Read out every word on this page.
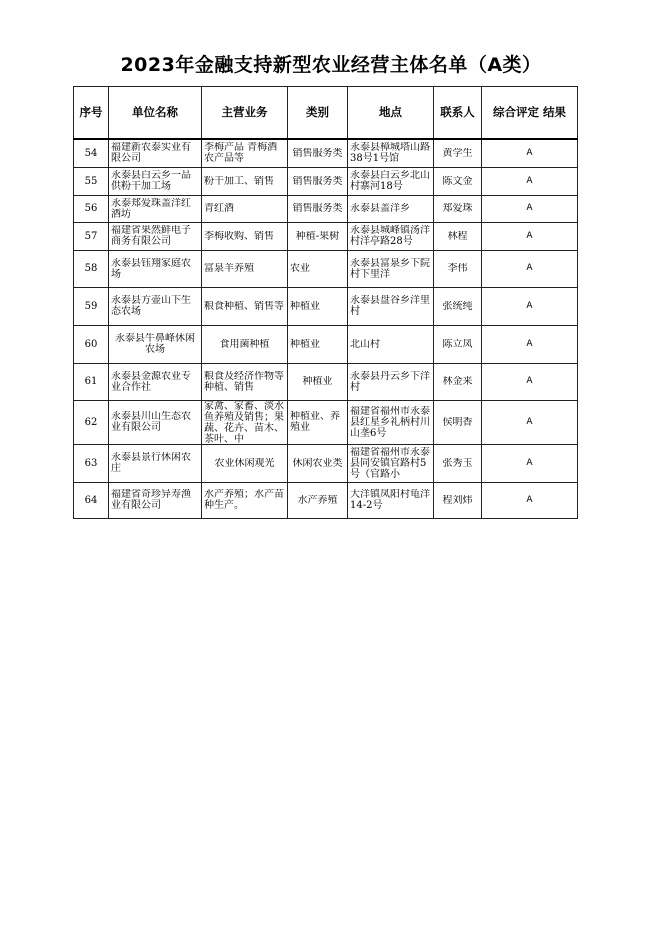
2023年金融支持新型农业经营主体名单（A类）
序号	单位名称	主营业务	类别	地点	联系人	综合评定 结果

54	福建新农泰实业有限公司	李梅产品 青梅酒 农产品等	销售服务类	永泰县樟城塔山路38号1号馆	黄学生	A

55	永泰县白云乡一品供粉干加工场	粉干加工、销售	销售服务类	永泰县白云乡北山村寨河18号	陈文金	A

56	永泰郑爱珠盖洋红酒坊	青红酒	销售服务类	永泰县盖洋乡	郑爱珠	A

57	福建省果然鲜电子商务有限公司	李梅收购、销售	种植-果树	永泰县城峰镇汤洋村洋亭路28号	林程	A

58	永泰县钰翔家庭农场	富泉羊养殖	农业	永泰县富泉乡下院村下里洋	李伟	A

59	永泰县方壶山下生态农场	粮食种植、销售等	种植业	永泰县盘谷乡洋里村	张统纯	A

60	永泰县牛鼻峰休闲农场	食用菌种植	种植业	北山村	陈立凤	A

61	永泰县金源农业专业合作社	粮食及经济作物等种植、销售	种植业	永泰县丹云乡下洋村	林金来	A

62	永泰县川山生态农业有限公司	家禽、家畜、淡水鱼养殖及销售；果蔬、花卉、苗木、茶叶、中	种植业、养殖业	福建省福州市永泰县红星乡礼柄村川山垄6号	侯明香	A

63	永泰县景行休闲农庄	农业休闲观光	休闲农业类	福建省福州市永泰县同安镇官路村5号（官路小	张秀玉	A

64	福建省奇珍异寿渔业有限公司	水产养殖；水产苗种生产。	水产养殖	大洋镇凤阳村龟洋14-2号	程刘炜	A
